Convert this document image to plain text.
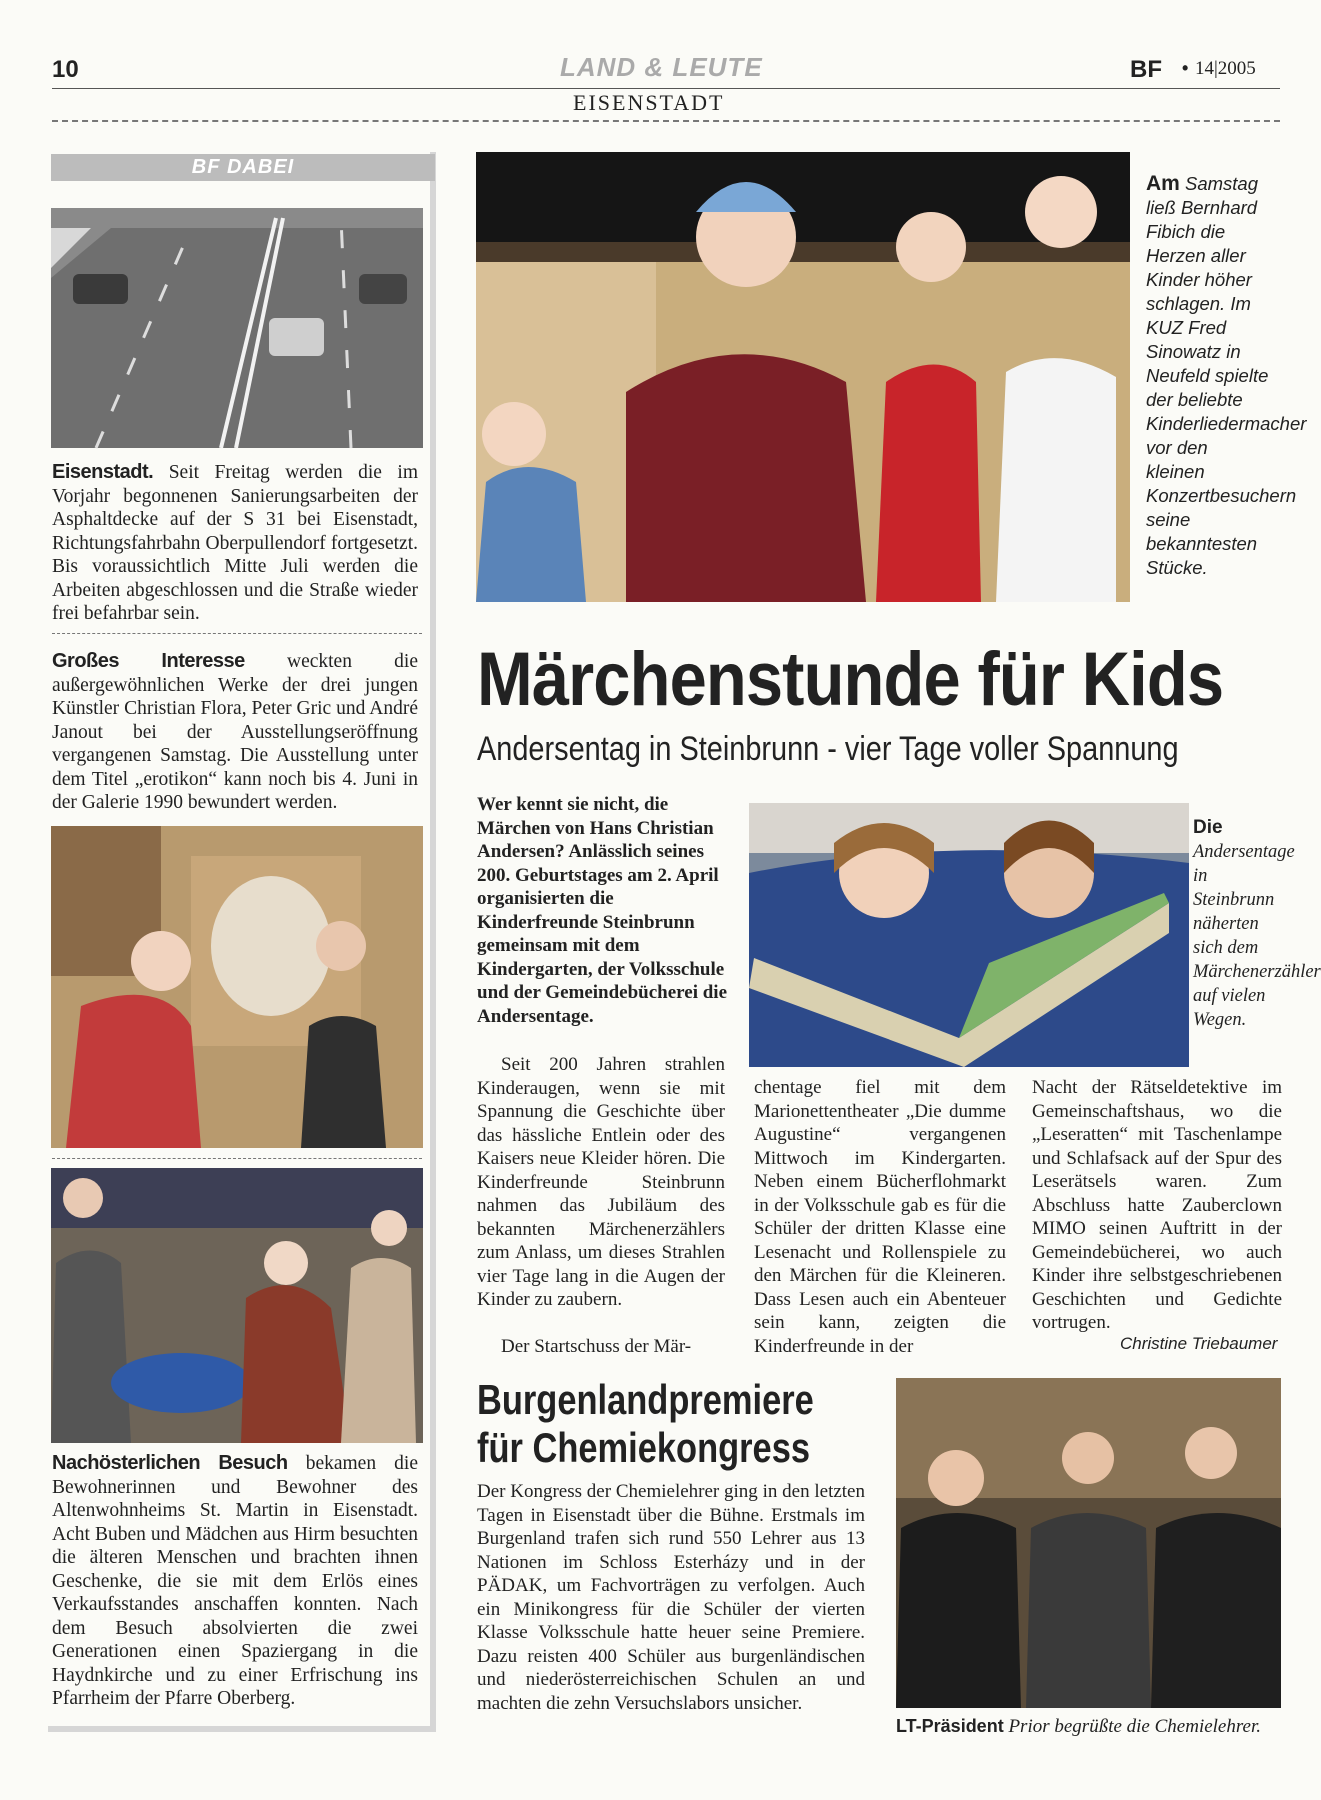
10	LAND & LEUTE
EISENSTADT
BF • 14|2005
BF DABEI
Eisenstadt. Seit Freitag werden die im Vorjahr begonnenen Sanierungsarbeiten der Asphaltdecke auf der S 31 bei Eisenstadt, Richtungsfahrbahn Oberpullendorf fortgesetzt. Bis voraussichtlich Mitte Juli werden die Arbeiten abgeschlossen und die Straße wieder frei befahrbar sein.
Großes Interesse weckten die außergewöhnlichen Werke der drei jungen Künstler Christian Flora, Peter Gric und André Janout bei der Ausstellungseröffnung vergangenen Samstag. Die Ausstellung unter dem Titel „erotikon“ kann noch bis 4. Juni in der Galerie 1990 bewundert werden.
Nachösterlichen Besuch bekamen die Bewohnerinnen und Bewohner des Altenwohnheims St. Martin in Eisenstadt. Acht Buben und Mädchen aus Hirm besuchten die älteren Menschen und brachten ihnen Geschenke, die sie mit dem Erlös eines Verkaufsstandes anschaffen konnten. Nach dem Besuch absolvierten die zwei Generationen einen Spaziergang in die Haydnkirche und zu einer Erfrischung ins Pfarrheim der Pfarre Oberberg.
Am Samstag ließ Bernhard Fibich die Herzen aller Kinder höher schlagen. Im KUZ Fred Sinowatz in Neufeld spielte der beliebte Kinderliedermacher vor den kleinen Konzertbesuchern seine bekanntesten Stücke.
Märchenstunde für Kids
Andersentag in Steinbrunn - vier Tage voller Spannung
Wer kennt sie nicht, die Märchen von Hans Christian Andersen? Anlässlich seines 200. Geburtstages am 2. April organisierten die Kinderfreunde Steinbrunn gemeinsam mit dem Kindergarten, der Volksschule und der Gemeindebücherei die Andersentage.
Die Andersentage in Steinbrunn näherten sich dem Märchenerzähler auf vielen Wegen.
Seit 200 Jahren strahlen Kinderaugen, wenn sie mit Spannung die Geschichte über das hässliche Entlein oder des Kaisers neue Kleider hören. Die Kinderfreunde Steinbrunn nahmen das Jubiläum des bekannten Märchenerzählers zum Anlass, um dieses Strahlen vier Tage lang in die Augen der Kinder zu zaubern.
Der Startschuss der Mär-
chentage fiel mit dem Marionettentheater „Die dumme Augustine“ vergangenen Mittwoch im Kindergarten. Neben einem Bücherflohmarkt in der Volksschule gab es für die Schüler der dritten Klasse eine Lesenacht und Rollenspiele zu den Märchen für die Kleineren. Dass Lesen auch ein Abenteuer sein kann, zeigten die Kinderfreunde in der
Nacht der Rätseldetektive im Gemeinschaftshaus, wo die „Leseratten“ mit Taschenlampe und Schlafsack auf der Spur des Leserätsels waren. Zum Abschluss hatte Zauberclown MIMO seinen Auftritt in der Gemeindebücherei, wo auch Kinder ihre selbstgeschriebenen Geschichten und Gedichte vortrugen.
Christine Triebaumer
Burgenlandpremiere
für Chemiekongress
Der Kongress der Chemielehrer ging in den letzten Tagen in Eisenstadt über die Bühne. Erstmals im Burgenland trafen sich rund 550 Lehrer aus 13 Nationen im Schloss Esterházy und in der PÄDAK, um Fachvorträgen zu verfolgen. Auch ein Minikongress für die Schüler der vierten Klasse Volksschule hatte heuer seine Premiere. Dazu reisten 400 Schüler aus burgenländischen und niederösterreichischen Schulen an und machten die zehn Versuchslabors unsicher.
LT-Präsident Prior begrüßte die Chemielehrer.
